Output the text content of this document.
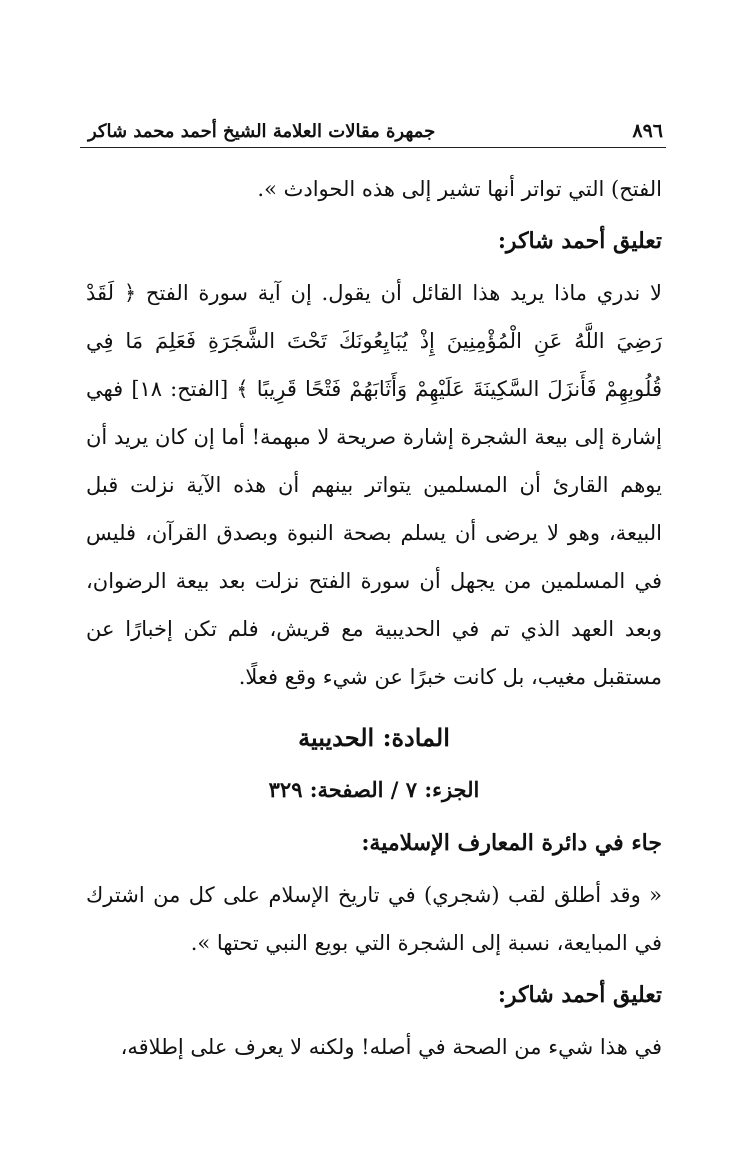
٨٩٦
جمهرة مقالات العلامة الشيخ أحمد محمد شاكر

الفتح) التي تواتر أنها تشير إلى هذه الحوادث ».

تعليق أحمد شاكر:

لا ندري ماذا يريد هذا القائل أن يقول. إن آية سورة الفتح ﴿ لَقَدْ رَضِيَ اللَّهُ عَنِ الْمُؤْمِنِينَ إِذْ يُبَايِعُونَكَ تَحْتَ الشَّجَرَةِ فَعَلِمَ مَا فِي قُلُوبِهِمْ فَأَنزَلَ السَّكِينَةَ عَلَيْهِمْ وَأَثَابَهُمْ فَتْحًا قَرِيبًا ﴾ [الفتح: ١٨] فهي إشارة إلى بيعة الشجرة إشارة صريحة لا مبهمة! أما إن كان يريد أن يوهم القارئ أن المسلمين يتواتر بينهم أن هذه الآية نزلت قبل البيعة، وهو لا يرضى أن يسلم بصحة النبوة وبصدق القرآن، فليس في المسلمين من يجهل أن سورة الفتح نزلت بعد بيعة الرضوان، وبعد العهد الذي تم في الحديبية مع قريش، فلم تكن إخبارًا عن مستقبل مغيب، بل كانت خبرًا عن شيء وقع فعلًا.

المادة: الحديبية

الجزء: ٧ / الصفحة: ٣٢٩

جاء في دائرة المعارف الإسلامية:

« وقد أطلق لقب (شجري) في تاريخ الإسلام على كل من اشترك في المبايعة، نسبة إلى الشجرة التي بويع النبي تحتها ».

تعليق أحمد شاكر:

في هذا شيء من الصحة في أصله! ولكنه لا يعرف على إطلاقه،
